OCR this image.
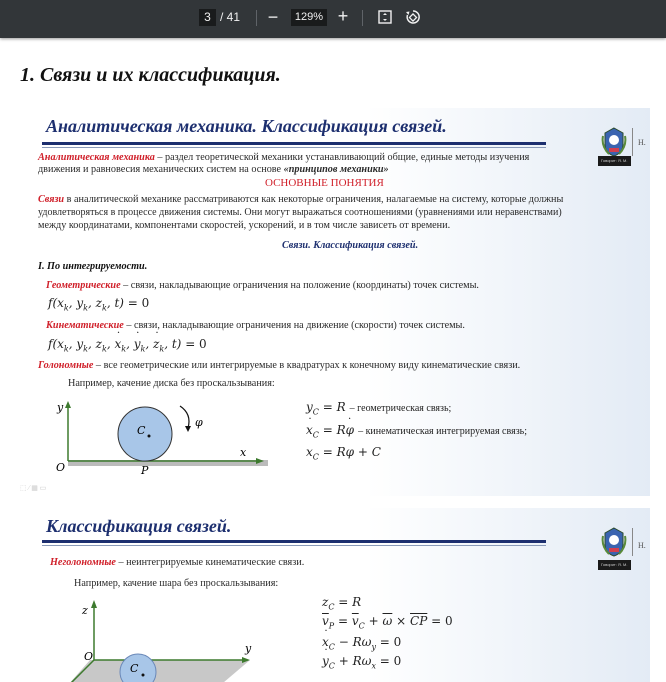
3 / 41 −	129% +
1. Связи и их классификация.
Аналитическая механика. Классификация связей.
Н.
Говорит: Я. М.
Аналитическая механика – раздел теоретической механики устанавливающий общие, единые методы изучения
движения и равновесия механических систем на основе «принципов механики»
ОСНОВНЫЕ ПОНЯТИЯ
Связи в аналитической механике рассматриваются как некоторые ограничения, налагаемые на систему, которые должны
удовлетворяться в процессе движения системы. Они могут выражаться соотношениями (уравнениями или неравенствами)
между координатами, компонентами скоростей, ускорений, и в том числе зависеть от времени.
Связи. Классификация связей.
I. По интегрируемости.
Геометрические – связи, накладывающие ограничения на положение (координаты) точек системы.
$f(x_k$, $y_k$, $z_k$, t) = 0
Кинематические – связи, накладывающие ограничения на движение (скорости) точек системы.
$f(x_k$, $y_k$, $z_k$, x $˙_k$, y $˙_k$, z $˙_k$, t) = 0
Голономные – все геометрические или интегрируемые в квадратурах к конечному виду кинематические связи.
Например, качение диска без проскальзывания:
y
x
O
C
P
φ
$y_C = R$ – геометрическая связь;
x $˙_C = R\varphi$ ˙ – кинематическая интегрируемая связь;
$x_C = R\varphi + C$
⬚ ⁄ ▦ ▭
Классификация связей.
Н.
Говорит: Я. М.
Неголономные – неинтегрируемые кинематические связи.
Например, качение шара без проскальзывания:
z
O
y
C
$z_C = R$
$\overline{v}_P = \overline{v}_C + \overline{\omega} \times \overline{CP} = 0$
x $˙_C - R\omega_y = 0$
y $˙_C + R\omega_x = 0$
